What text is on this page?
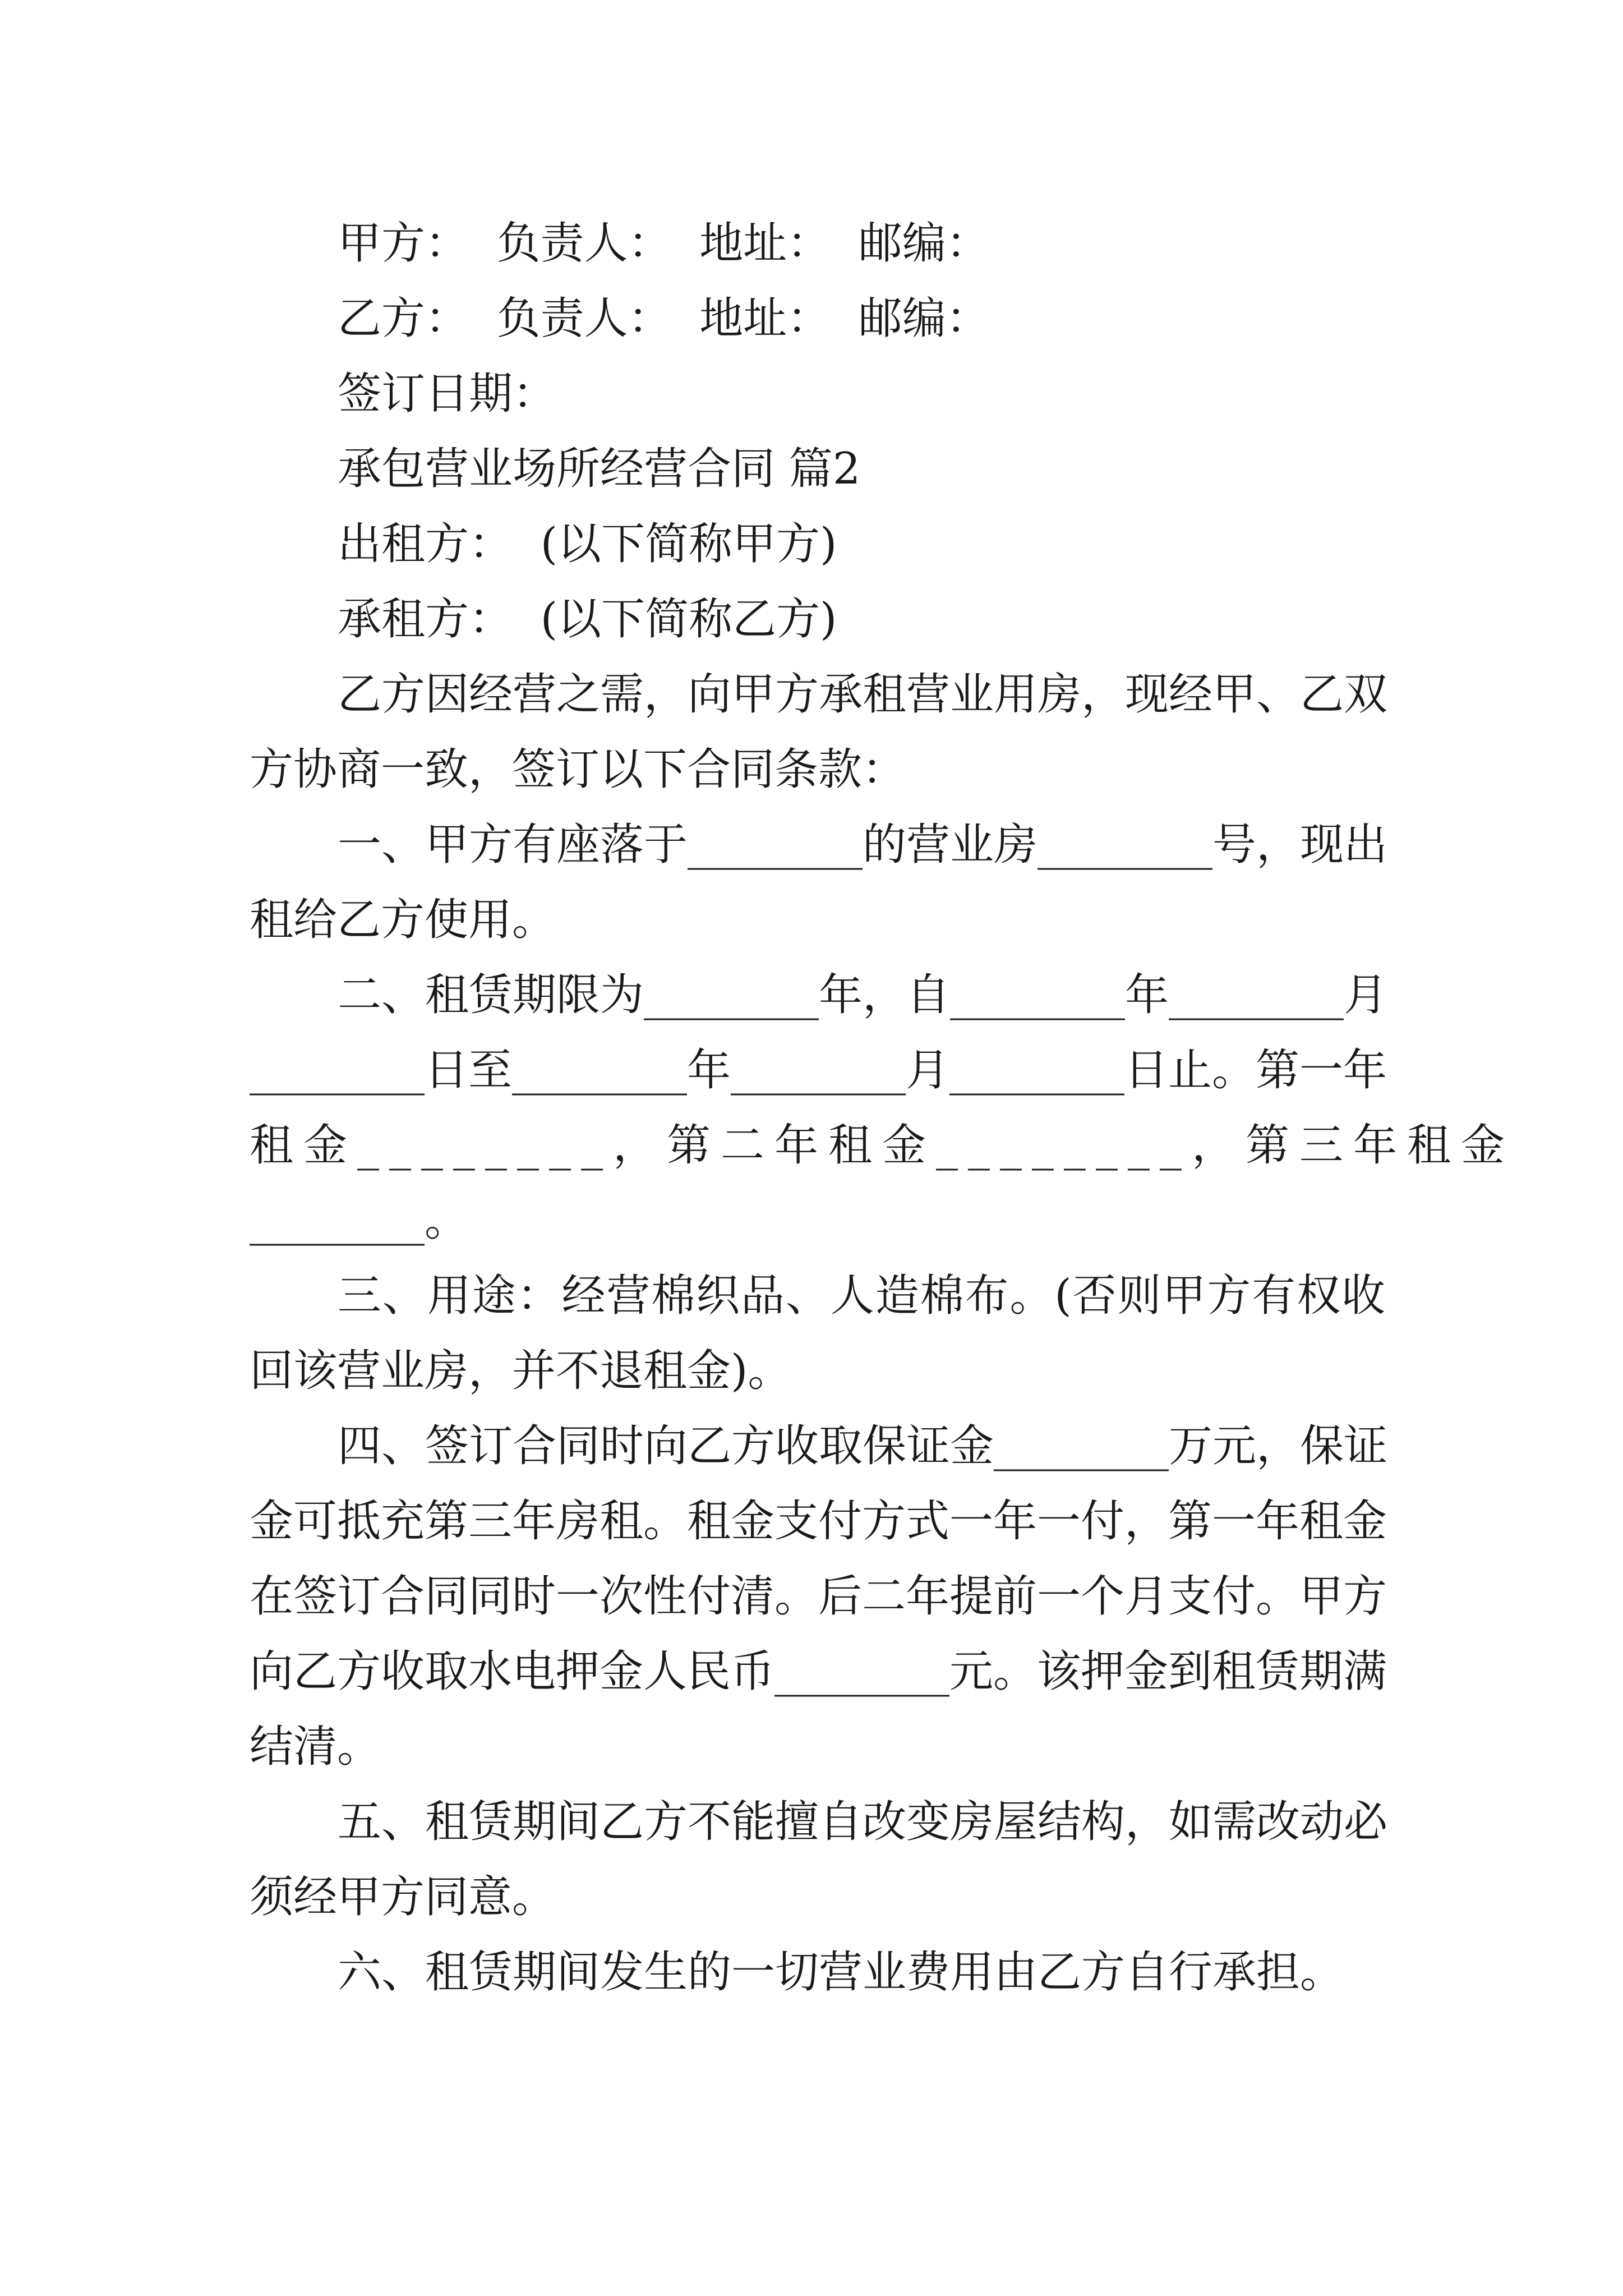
甲方：  负责人：  地址：  邮编：

乙方：  负责人：  地址：  邮编：

签订日期：

承包营业场所经营合同 篇2

出租方：  (以下简称甲方)

承租方：  (以下简称乙方)

乙方因经营之需，向甲方承租营业用房，现经甲、乙双

方协商一致，签订以下合同条款：

一、甲方有座落于________的营业房________号，现出

租给乙方使用。

二、租赁期限为________年，自________年________月

________日至________年________月________日止。第一年

租金________，第二年租金________，第三年租金

________。

三、用途：经营棉织品、人造棉布。(否则甲方有权收

回该营业房，并不退租金)。

四、签订合同时向乙方收取保证金________万元，保证

金可抵充第三年房租。租金支付方式一年一付，第一年租金

在签订合同同时一次性付清。后二年提前一个月支付。甲方

向乙方收取水电押金人民币________元。该押金到租赁期满

结清。

五、租赁期间乙方不能擅自改变房屋结构，如需改动必

须经甲方同意。

六、租赁期间发生的一切营业费用由乙方自行承担。
